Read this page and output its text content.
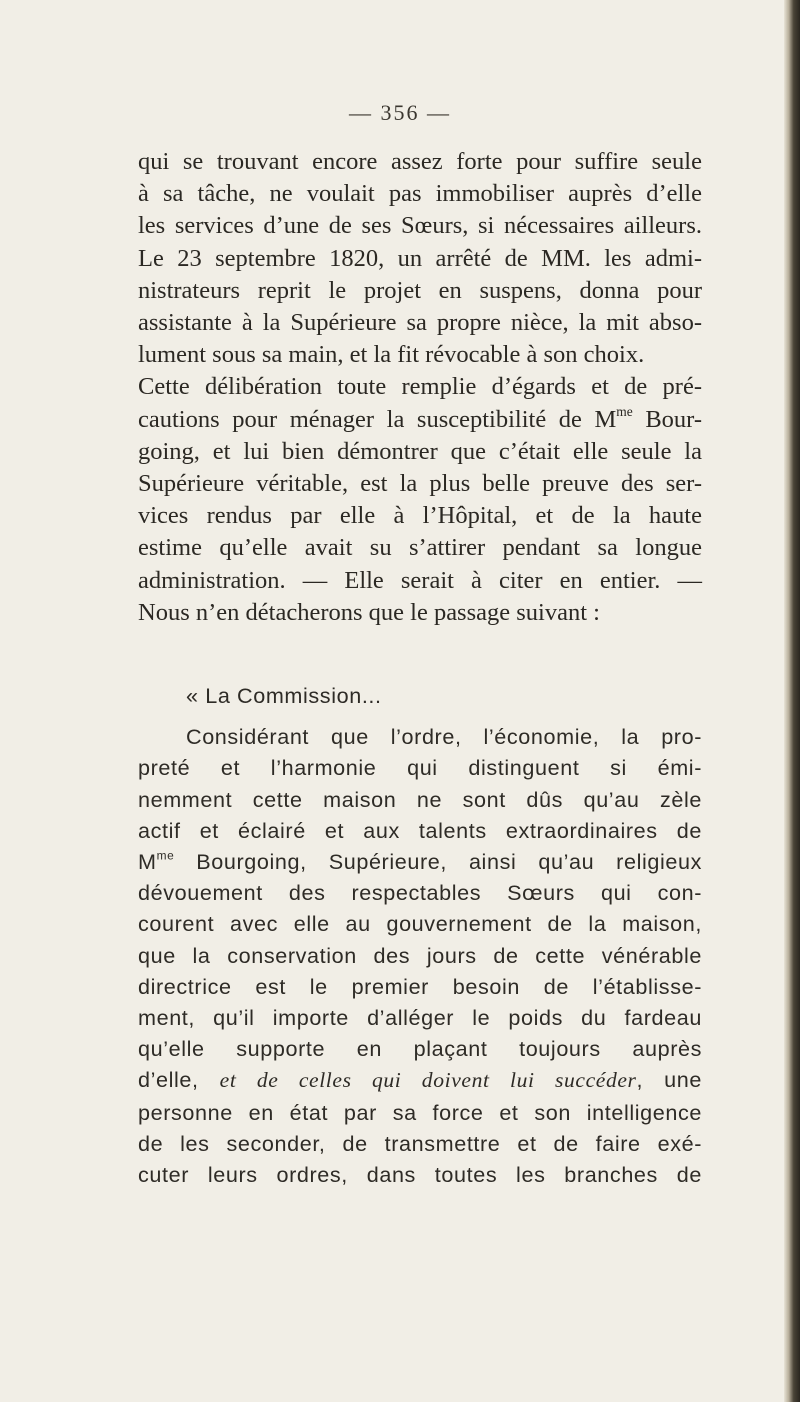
— 356 —
qui se trouvant encore assez forte pour suffire seule
à sa tâche, ne voulait pas immobiliser auprès d’elle
les services d’une de ses Sœurs, si nécessaires ailleurs.
Le 23 septembre 1820, un arrêté de MM. les admi-
nistrateurs reprit le projet en suspens, donna pour
assistante à la Supérieure sa propre nièce, la mit abso-
lument sous sa main, et la fit révocable à son choix.
Cette délibération toute remplie d’égards et de pré-
cautions pour ménager la susceptibilité de $M^{me}$ Bour-
going, et lui bien démontrer que c’était elle seule la
Supérieure véritable, est la plus belle preuve des ser-
vices rendus par elle à l’Hôpital, et de la haute
estime qu’elle avait su s’attirer pendant sa longue
administration. — Elle serait à citer en entier. —
Nous n’en détacherons que le passage suivant :
« La Commission...
Considérant que l’ordre, l’économie, la pro-
preté et l’harmonie qui distinguent si émi-
nemment cette maison ne sont dûs qu’au zèle
actif et éclairé et aux talents extraordinaires de
$M^{me}$ Bourgoing, Supérieure, ainsi qu’au religieux
dévouement des respectables Sœurs qui con-
courent avec elle au gouvernement de la maison,
que la conservation des jours de cette vénérable
directrice est le premier besoin de l’établisse-
ment, qu’il importe d’alléger le poids du fardeau
qu’elle supporte en plaçant toujours auprès
d’elle, et de celles qui doivent lui succéder, une
personne en état par sa force et son intelligence
de les seconder, de transmettre et de faire exé-
cuter leurs ordres, dans toutes les branches de
